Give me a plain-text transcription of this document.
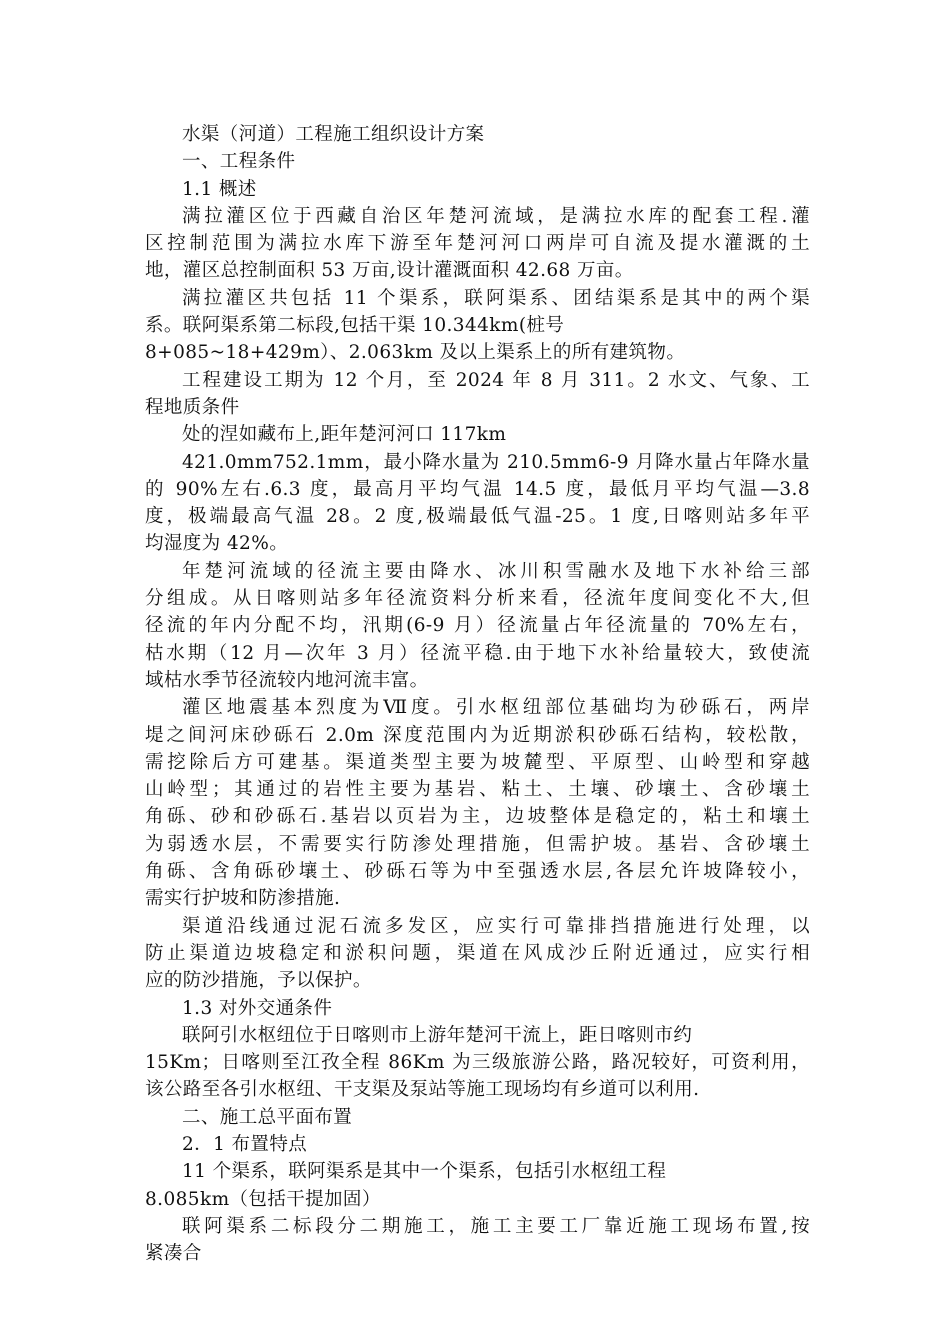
水渠（河道）工程施工组织设计方案
一、工程条件
1.1 概述
满拉灌区位于西藏自治区年楚河流域，是满拉水库的配套工程.灌
区控制范围为满拉水库下游至年楚河河口两岸可自流及提水灌溉的土
地，灌区总控制面积 53 万亩,设计灌溉面积 42.68 万亩。
满拉灌区共包括 11 个渠系，联阿渠系、团结渠系是其中的两个渠
系。联阿渠系第二标段,包括干渠 10.344km(桩号
8+085~18+429m）、2.063km 及以上渠系上的所有建筑物。
工程建设工期为 12 个月，至 2024 年 8 月 311。2 水文、气象、工
程地质条件
处的涅如藏布上,距年楚河河口 117km
421.0mm752.1mm，最小降水量为 210.5mm6-9 月降水量占年降水量
的 90%左右.6.3 度，最高月平均气温 14.5 度，最低月平均气温—3.8
度，极端最高气温 28。2 度,极端最低气温-25。1 度,日喀则站多年平
均湿度为 42%。
年楚河流域的径流主要由降水、冰川积雪融水及地下水补给三部
分组成。从日喀则站多年径流资料分析来看，径流年度间变化不大,但
径流的年内分配不均，汛期(6-9 月）径流量占年径流量的 70%左右，
枯水期（12 月—次年 3 月）径流平稳.由于地下水补给量较大，致使流
域枯水季节径流较内地河流丰富。
灌区地震基本烈度为Ⅶ度。引水枢纽部位基础均为砂砾石，两岸
堤之间河床砂砾石 2.0m 深度范围内为近期淤积砂砾石结构，较松散，
需挖除后方可建基。渠道类型主要为坡麓型、平原型、山岭型和穿越
山岭型；其通过的岩性主要为基岩、粘土、土壤、砂壤土、含砂壤土
角砾、砂和砂砾石.基岩以页岩为主，边坡整体是稳定的，粘土和壤土
为弱透水层，不需要实行防渗处理措施，但需护坡。基岩、含砂壤土
角砾、含角砾砂壤土、砂砾石等为中至强透水层,各层允许坡降较小，
需实行护坡和防渗措施.
渠道沿线通过泥石流多发区，应实行可靠排挡措施进行处理，以
防止渠道边坡稳定和淤积问题，渠道在风成沙丘附近通过，应实行相
应的防沙措施，予以保护。
1.3 对外交通条件
联阿引水枢纽位于日喀则市上游年楚河干流上，距日喀则市约
15Km；日喀则至江孜全程 86Km 为三级旅游公路，路况较好，可资利用，
该公路至各引水枢纽、干支渠及泵站等施工现场均有乡道可以利用.
二、施工总平面布置
2．1 布置特点
11 个渠系，联阿渠系是其中一个渠系，包括引水枢纽工程
8.085km（包括干提加固）
联阿渠系二标段分二期施工，施工主要工厂靠近施工现场布置,按
紧凑合
